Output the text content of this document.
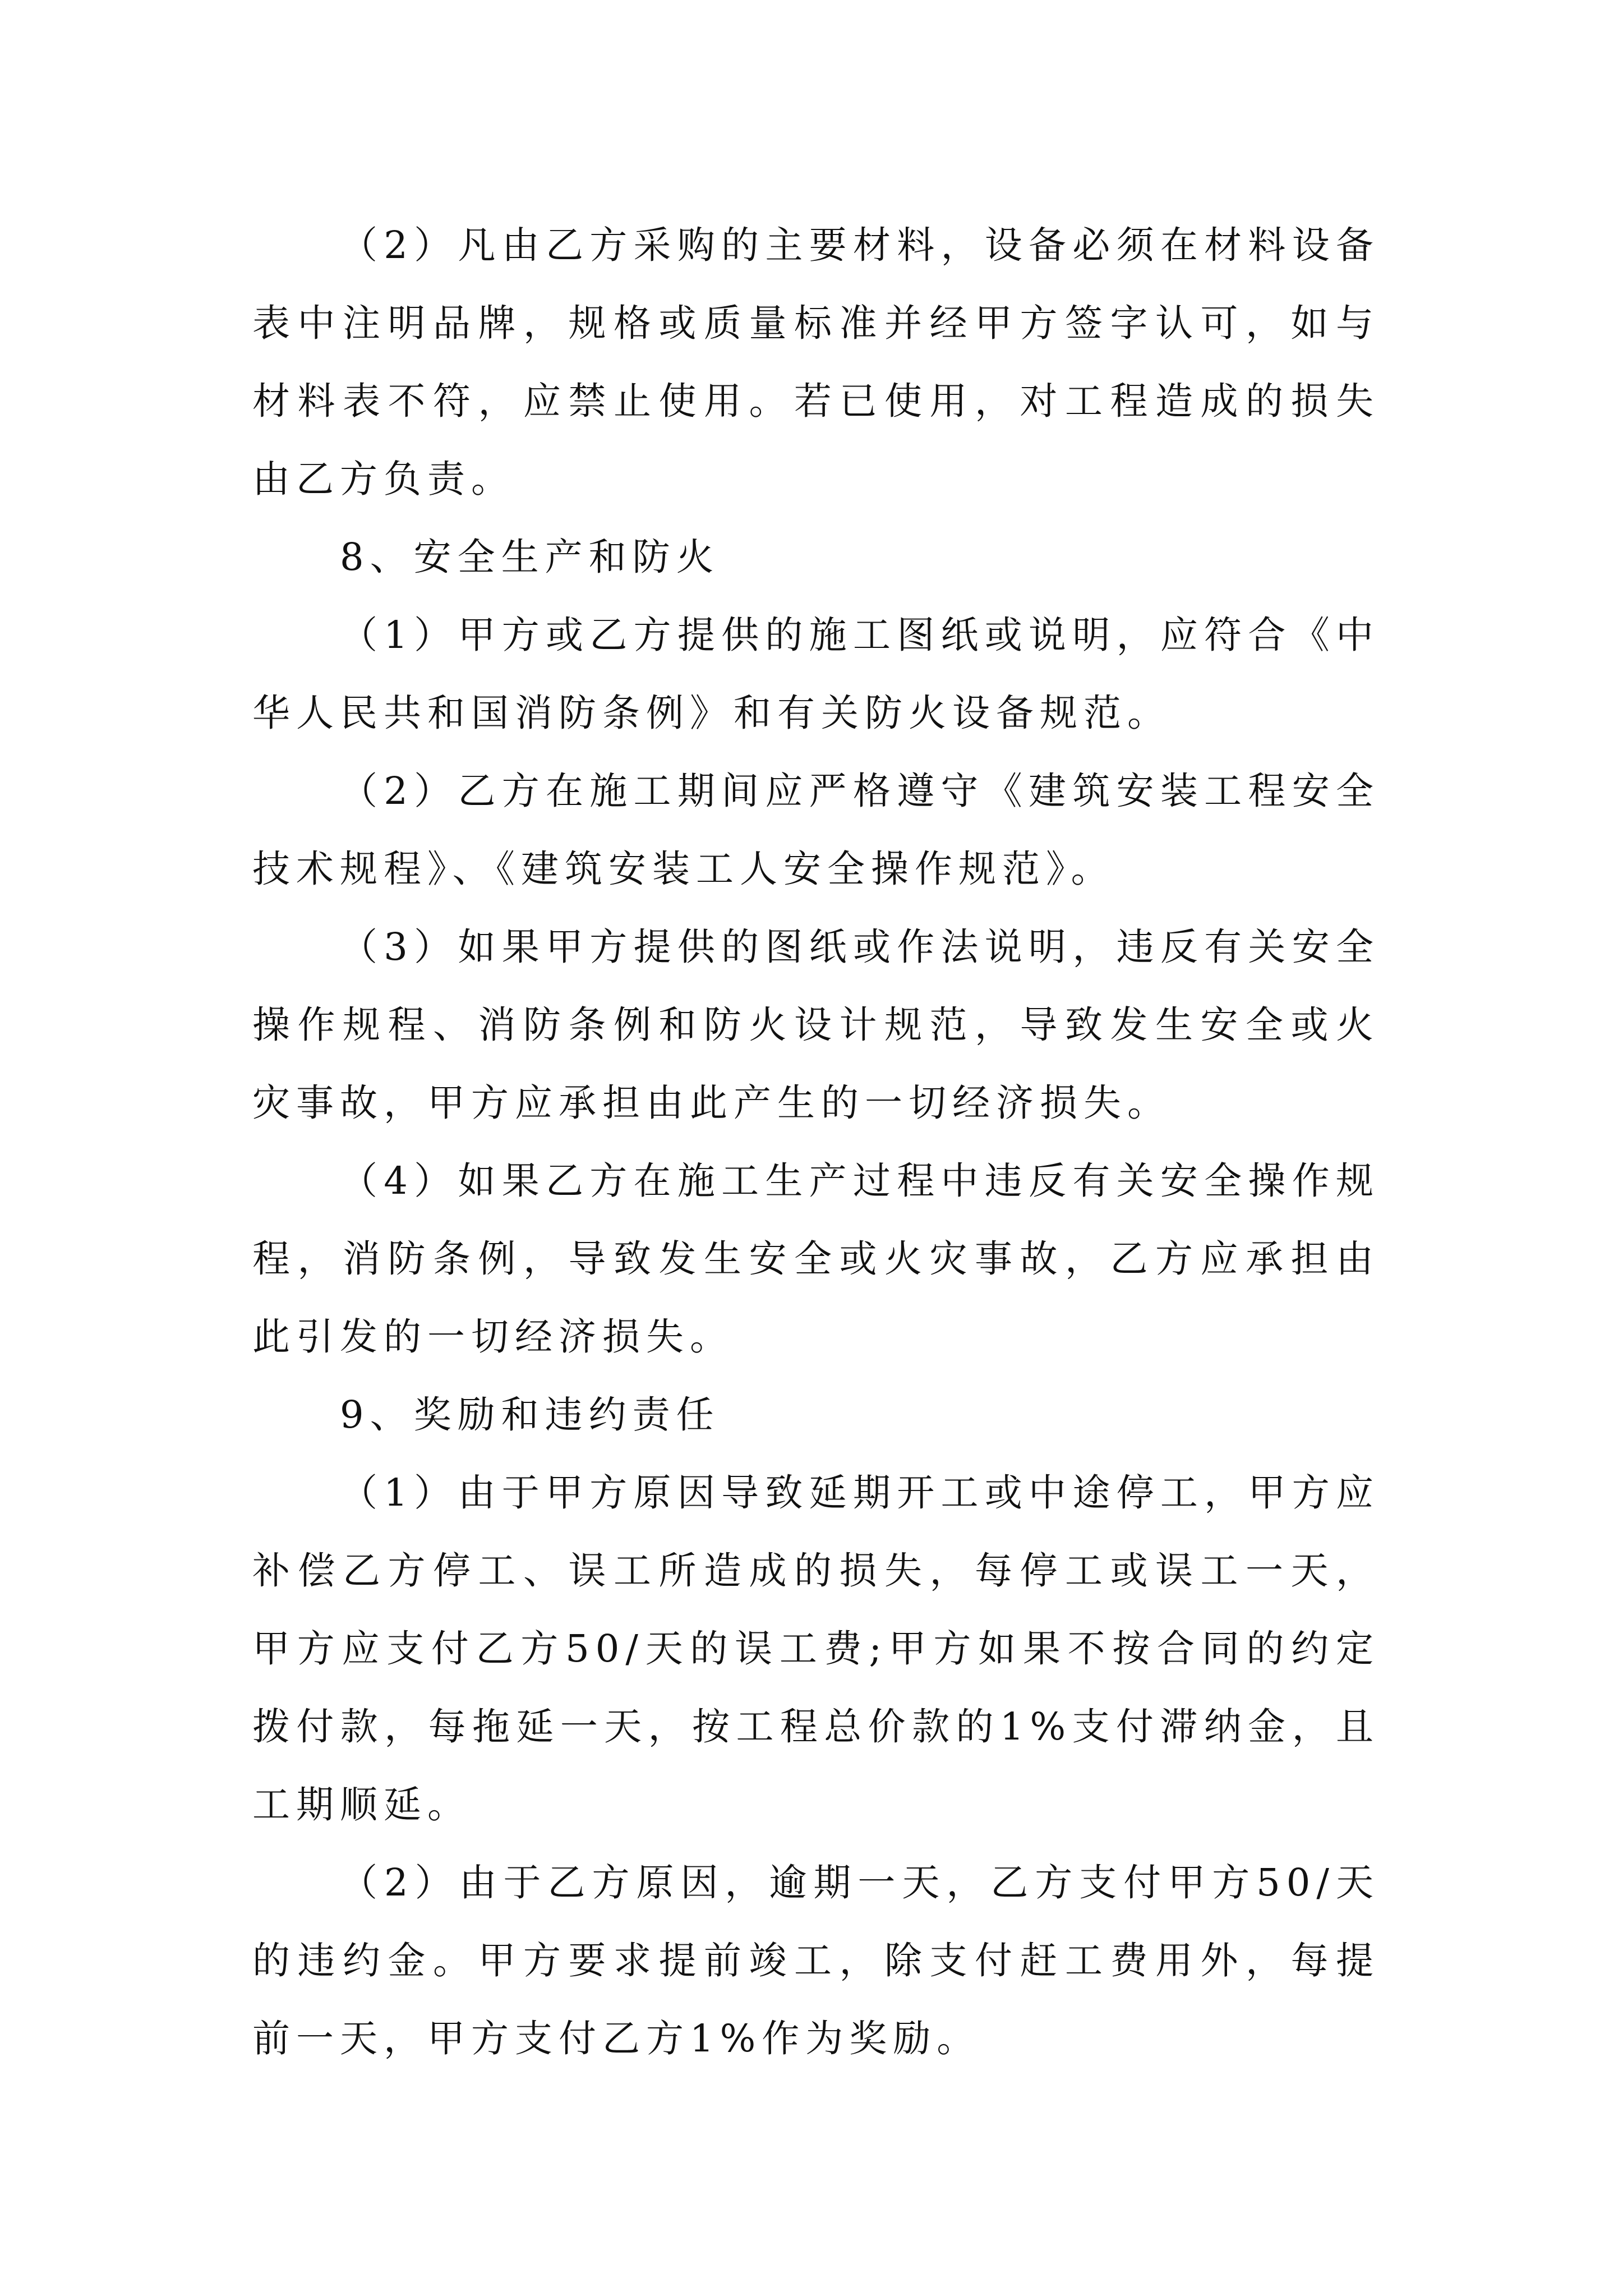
（2）凡由乙方采购的主要材料，设备必须在材料设备表中注明品牌，规格或质量标准并经甲方签字认可，如与材料表不符，应禁止使用。若已使用，对工程造成的损失由乙方负责。

8、安全生产和防火

（1）甲方或乙方提供的施工图纸或说明，应符合《中华人民共和国消防条例》和有关防火设备规范。

（2）乙方在施工期间应严格遵守《建筑安装工程安全技术规程》、《建筑安装工人安全操作规范》。

（3）如果甲方提供的图纸或作法说明，违反有关安全操作规程、消防条例和防火设计规范，导致发生安全或火灾事故，甲方应承担由此产生的一切经济损失。

（4）如果乙方在施工生产过程中违反有关安全操作规程，消防条例，导致发生安全或火灾事故，乙方应承担由此引发的一切经济损失。

9、奖励和违约责任

（1）由于甲方原因导致延期开工或中途停工，甲方应补偿乙方停工、误工所造成的损失，每停工或误工一天，甲方应支付乙方50/天的误工费;甲方如果不按合同的约定拨付款，每拖延一天，按工程总价款的1%支付滞纳金，且工期顺延。

（2）由于乙方原因，逾期一天，乙方支付甲方50/天的违约金。甲方要求提前竣工，除支付赶工费用外，每提前一天，甲方支付乙方1%作为奖励。
